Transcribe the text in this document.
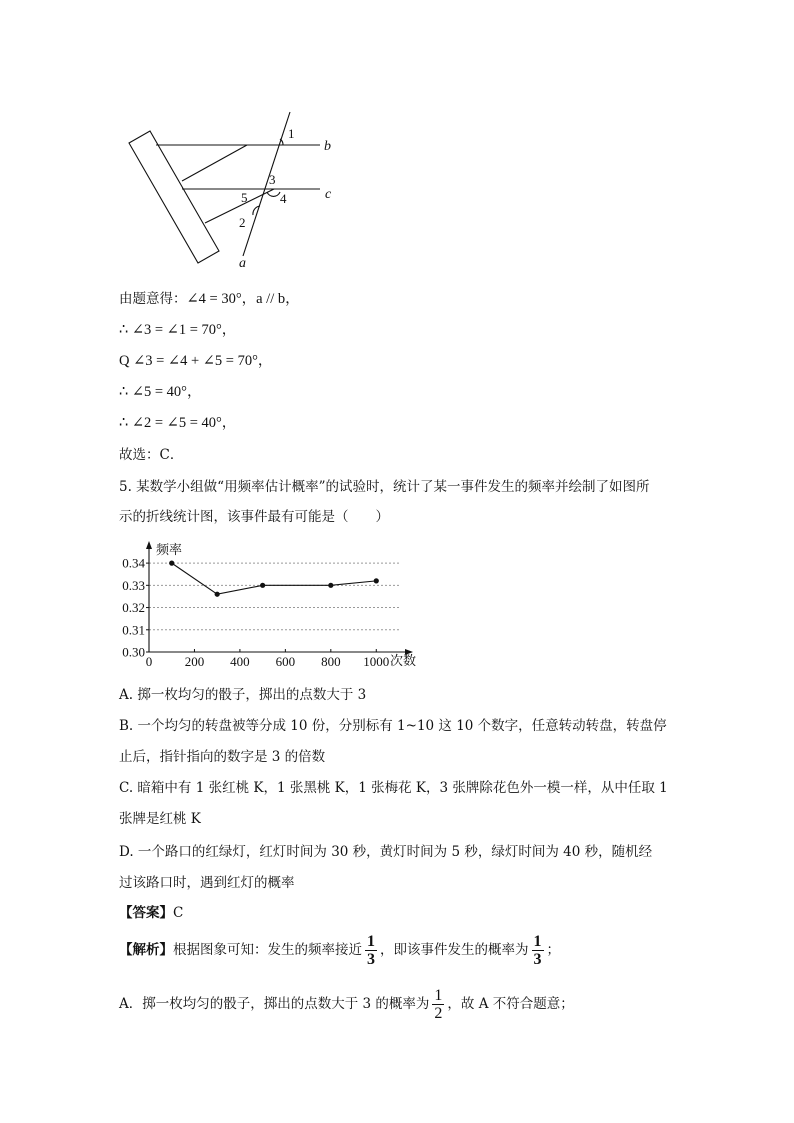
b
c
a
1
3
4
5
2
由题意得：∠4 = 30°，a // b，
∴ ∠3 = ∠1 = 70°，
Q ∠3 = ∠4 + ∠5 = 70°，
∴ ∠5 = 40°，
∴ ∠2 = ∠5 = 40°，
故选：C．
5. 某数学小组做“用频率估计概率”的试验时，统计了某一事件发生的频率并绘制了如图所
示的折线统计图，该事件最有可能是（　　）
0.30
0.31
0.32
0.33
0.34
0 200 400 600 800 1000
频率
次数
A. 掷一枚均匀的骰子，掷出的点数大于 3
B. 一个均匀的转盘被等分成 10 份，分别标有 1~10 这 10 个数字，任意转动转盘，转盘停
止后，指针指向的数字是 3 的倍数
C. 暗箱中有 1 张红桃 K，1 张黑桃 K，1 张梅花 K，3 张牌除花色外一模一样，从中任取 1
张牌是红桃 K
D. 一个路口的红绿灯，红灯时间为 30 秒，黄灯时间为 5 秒，绿灯时间为 40 秒，随机经
过该路口时，遇到红灯的概率
【答案】C
【解析】根据图象可知：发生的频率接近 $\frac{1}{3}$ ，即该事件发生的概率为 $\frac{1}{3}$ ；
A．掷一枚均匀的骰子，掷出的点数大于 3 的概率为 $\frac{1}{2}$ ，故 A 不符合题意；
